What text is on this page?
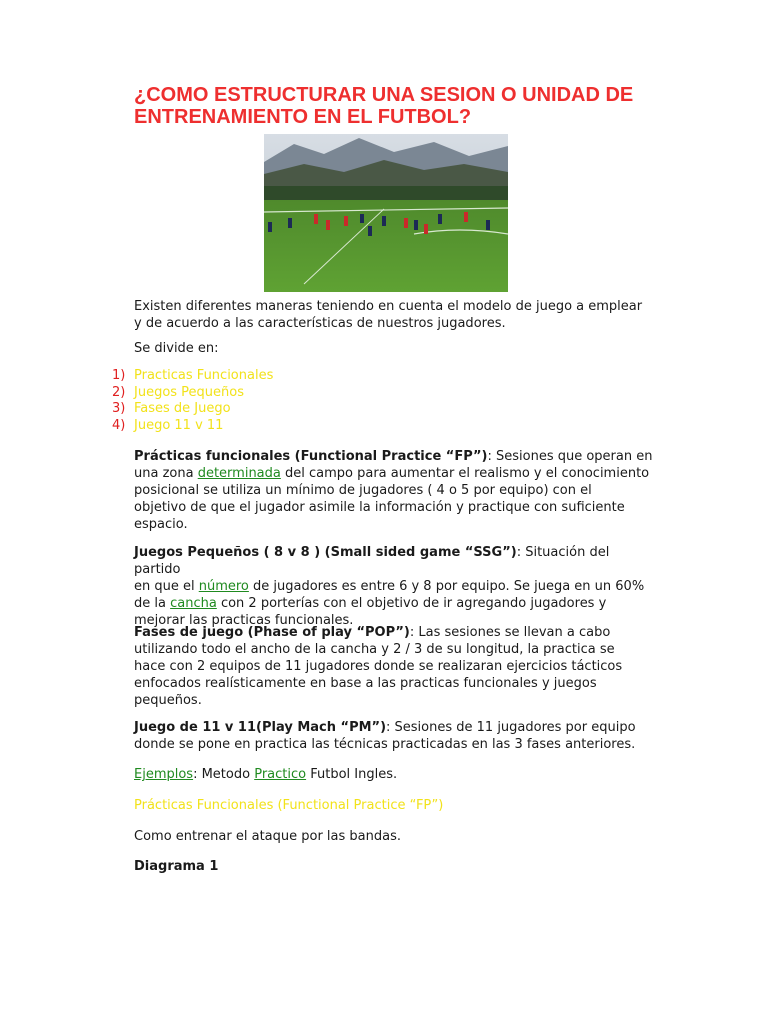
¿COMO ESTRUCTURAR UNA SESION O UNIDAD DE
ENTRENAMIENTO EN EL FUTBOL?

Existen diferentes maneras teniendo en cuenta el modelo de juego a emplear
y de acuerdo a las características de nuestros jugadores.

Se divide en:

1) Practicas Funcionales
2) Juegos Pequeños
3) Fases de Juego
4) Juego 11 v 11

Prácticas funcionales (Functional Practice “FP”): Sesiones que operan en
una zona determinada del campo para aumentar el realismo y el conocimiento
posicional se utiliza un mínimo de jugadores ( 4 o 5 por equipo) con el
objetivo de que el jugador asimile la información y practique con suficiente
espacio.

Juegos Pequeños ( 8 v 8 ) (Small sided game “SSG”): Situación del partido
en que el número de jugadores es entre 6 y 8 por equipo. Se juega en un 60%
de la cancha con 2 porterías con el objetivo de ir agregando jugadores y
mejorar las practicas funcionales.

Fases de juego (Phase of play “POP”): Las sesiones se llevan a cabo
utilizando todo el ancho de la cancha y 2 / 3 de su longitud, la practica se
hace con 2 equipos de 11 jugadores donde se realizaran ejercicios tácticos
enfocados realísticamente en base a las practicas funcionales y juegos
pequeños.

Juego de 11 v 11(Play Mach “PM”): Sesiones de 11 jugadores por equipo
donde se pone en practica las técnicas practicadas en las 3 fases anteriores.

Ejemplos: Metodo Practico Futbol Ingles.

Prácticas Funcionales (Functional Practice “FP”)

Como entrenar el ataque por las bandas.

Diagrama 1
